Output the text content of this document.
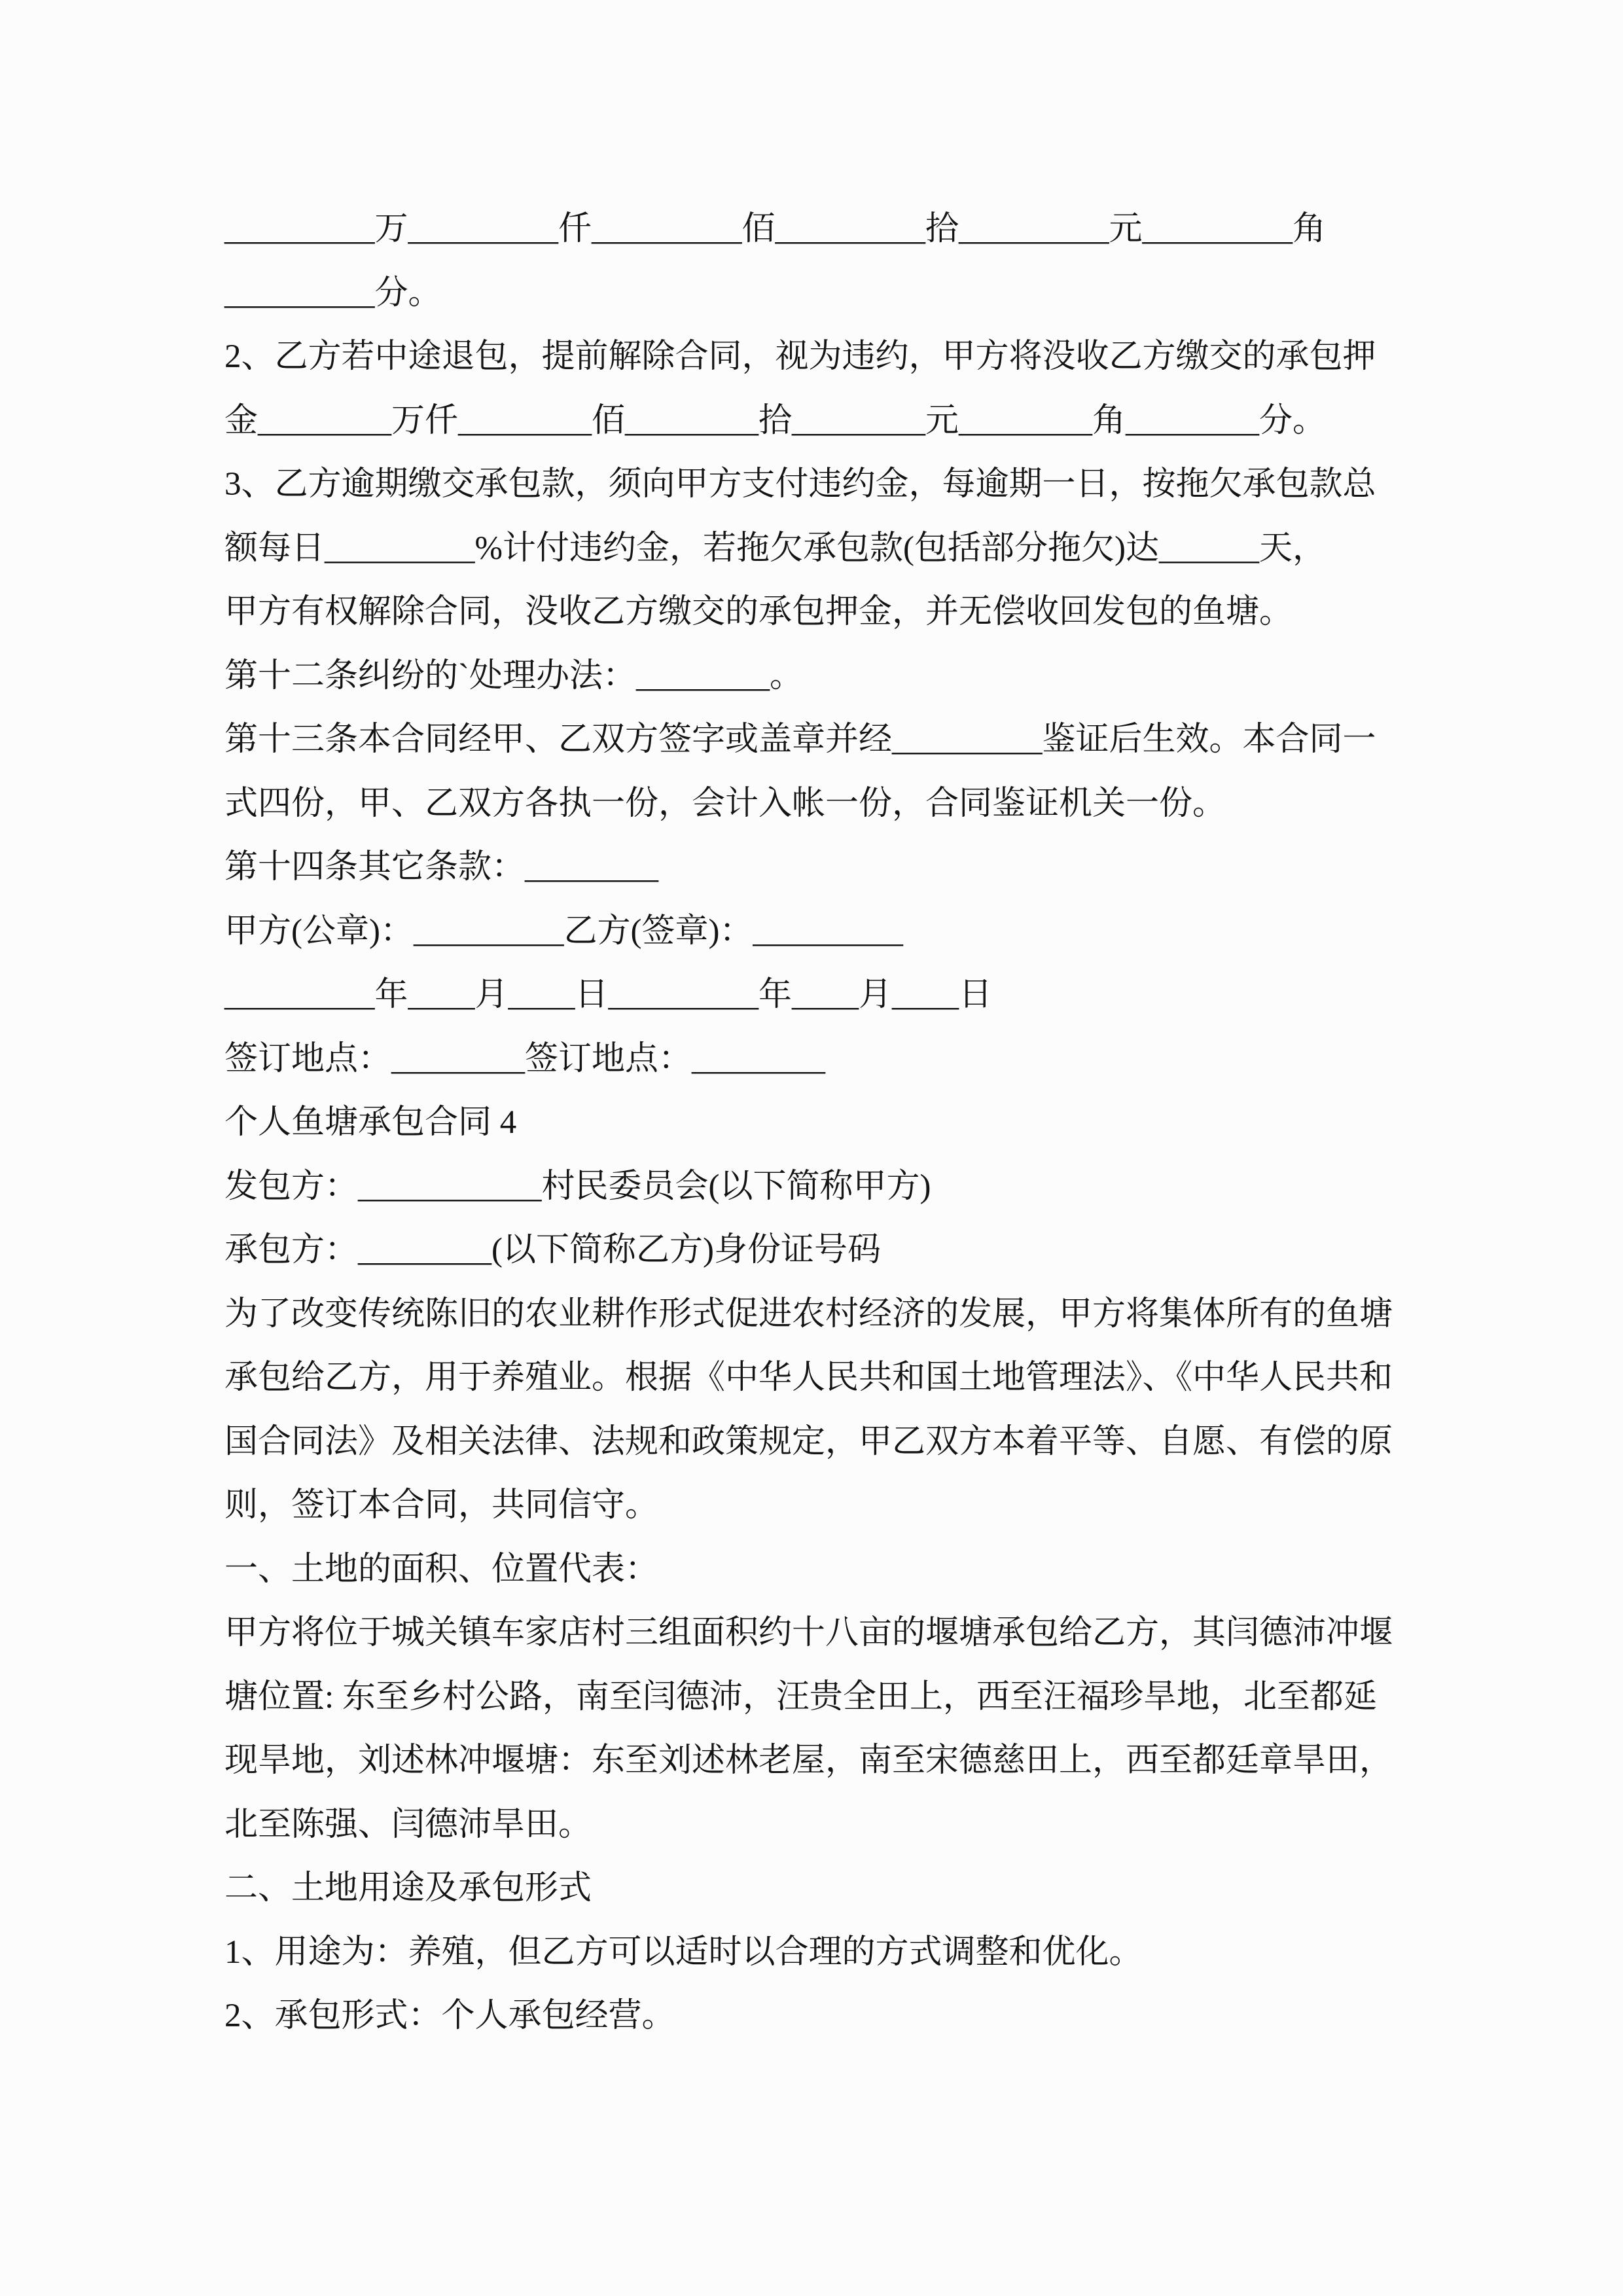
_________万_________仟_________佰_________拾_________元_________角
_________分。
2、乙方若中途退包，提前解除合同，视为违约，甲方将没收乙方缴交的承包押
金________万仟________佰________拾________元________角________分。
3、乙方逾期缴交承包款，须向甲方支付违约金，每逾期一日，按拖欠承包款总
额每日_________%计付违约金，若拖欠承包款(包括部分拖欠)达______天，
甲方有权解除合同，没收乙方缴交的承包押金，并无偿收回发包的鱼塘。
第十二条纠纷的`处理办法：________。
第十三条本合同经甲、乙双方签字或盖章并经_________鉴证后生效。本合同一
式四份，甲、乙双方各执一份，会计入帐一份，合同鉴证机关一份。
第十四条其它条款：________
甲方(公章)：_________乙方(签章)：_________
_________年____月____日_________年____月____日
签订地点：________签订地点：________
个人鱼塘承包合同 4
发包方：___________村民委员会(以下简称甲方)
承包方：________(以下简称乙方)身份证号码
为了改变传统陈旧的农业耕作形式促进农村经济的发展，甲方将集体所有的鱼塘
承包给乙方，用于养殖业。根据《中华人民共和国土地管理法》、《中华人民共和
国合同法》及相关法律、法规和政策规定，甲乙双方本着平等、自愿、有偿的原
则，签订本合同，共同信守。
一、土地的面积、位置代表：
甲方将位于城关镇车家店村三组面积约十八亩的堰塘承包给乙方，其闫德沛冲堰
塘位置: 东至乡村公路，南至闫德沛，汪贵全田上，西至汪福珍旱地，北至都延
现旱地，刘述林冲堰塘：东至刘述林老屋，南至宋德慈田上，西至都廷章旱田，
北至陈强、闫德沛旱田。
二、土地用途及承包形式
1、用途为：养殖，但乙方可以适时以合理的方式调整和优化。
2、承包形式：个人承包经营。
